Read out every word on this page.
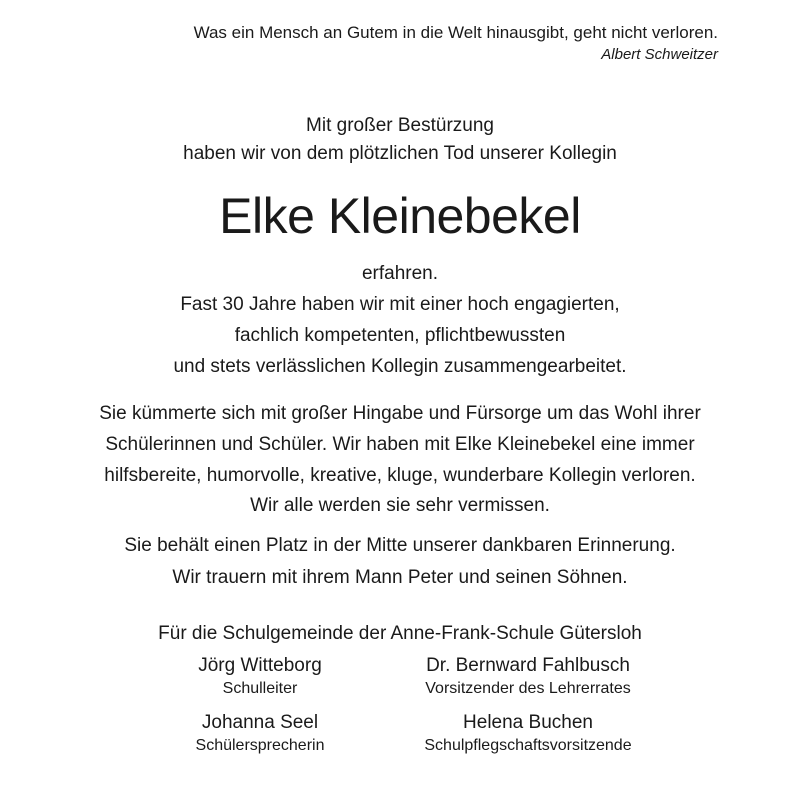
Was ein Mensch an Gutem in die Welt hinausgibt, geht nicht verloren.
Albert Schweitzer
Mit großer Bestürzung
haben wir von dem plötzlichen Tod unserer Kollegin
Elke Kleinebekel
erfahren.
Fast 30 Jahre haben wir mit einer hoch engagierten,
fachlich kompetenten, pflichtbewussten
und stets verlässlichen Kollegin zusammengearbeitet.
Sie kümmerte sich mit großer Hingabe und Fürsorge um das Wohl ihrer
Schülerinnen und Schüler. Wir haben mit Elke Kleinebekel eine immer
hilfsbereite, humorvolle, kreative, kluge, wunderbare Kollegin verloren.
Wir alle werden sie sehr vermissen.
Sie behält einen Platz in der Mitte unserer dankbaren Erinnerung.
Wir trauern mit ihrem Mann Peter und seinen Söhnen.
Für die Schulgemeinde der Anne-Frank-Schule Gütersloh
Jörg Witteborg
Schulleiter
Dr. Bernward Fahlbusch
Vorsitzender des Lehrerrates
Johanna Seel
Schülersprecherin
Helena Buchen
Schulpflegschaftsvorsitzende
